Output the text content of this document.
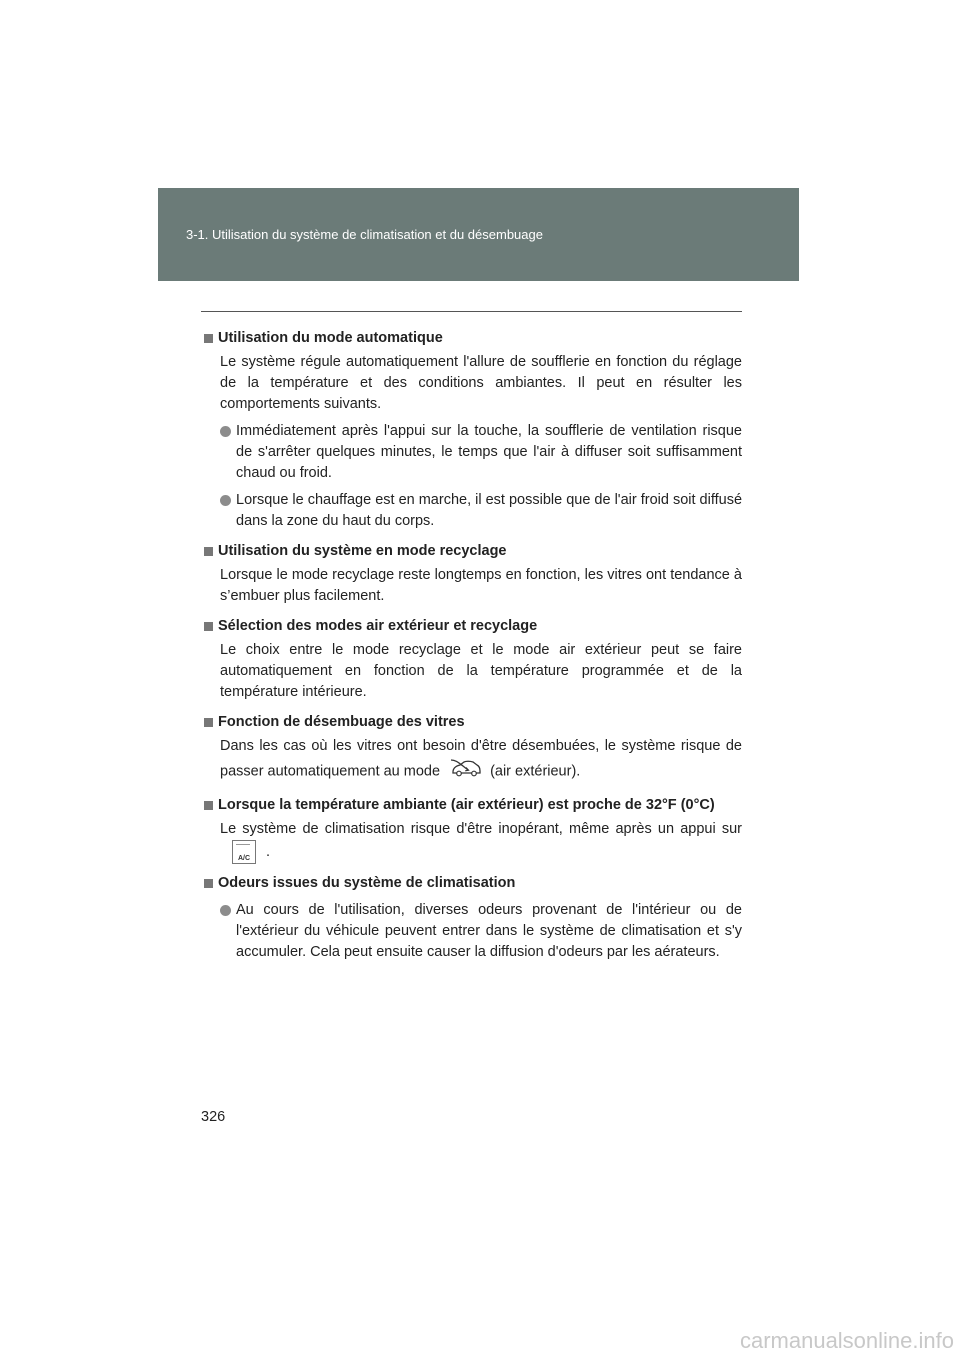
3-1. Utilisation du système de climatisation et du désembuage
Utilisation du mode automatique
Le système régule automatiquement l'allure de soufflerie en fonction du réglage de la température et des conditions ambiantes. Il peut en résulter les comportements suivants.
Immédiatement après l'appui sur la touche, la soufflerie de ventilation risque de s'arrêter quelques minutes, le temps que l'air à diffuser soit suffisamment chaud ou froid.
Lorsque le chauffage est en marche, il est possible que de l'air froid soit diffusé dans la zone du haut du corps.
Utilisation du système en mode recyclage
Lorsque le mode recyclage reste longtemps en fonction, les vitres ont tendance à s’embuer plus facilement.
Sélection des modes air extérieur et recyclage
Le choix entre le mode recyclage et le mode air extérieur peut se faire automatiquement en fonction de la température programmée et de la température intérieure.
Fonction de désembuage des vitres
Dans les cas où les vitres ont besoin d'être désembuées, le système risque de passer automatiquement au mode	(air extérieur).
Lorsque la température ambiante (air extérieur) est proche de 32°F (0°C)
Le système de climatisation risque d'être inopérant, même après un appui sur
A/C	.
Odeurs issues du système de climatisation
Au cours de l'utilisation, diverses odeurs provenant de l'intérieur ou de l'extérieur du véhicule peuvent entrer dans le système de climatisation et s'y accumuler. Cela peut ensuite causer la diffusion d'odeurs par les aérateurs.
326
carmanualsonline.info
